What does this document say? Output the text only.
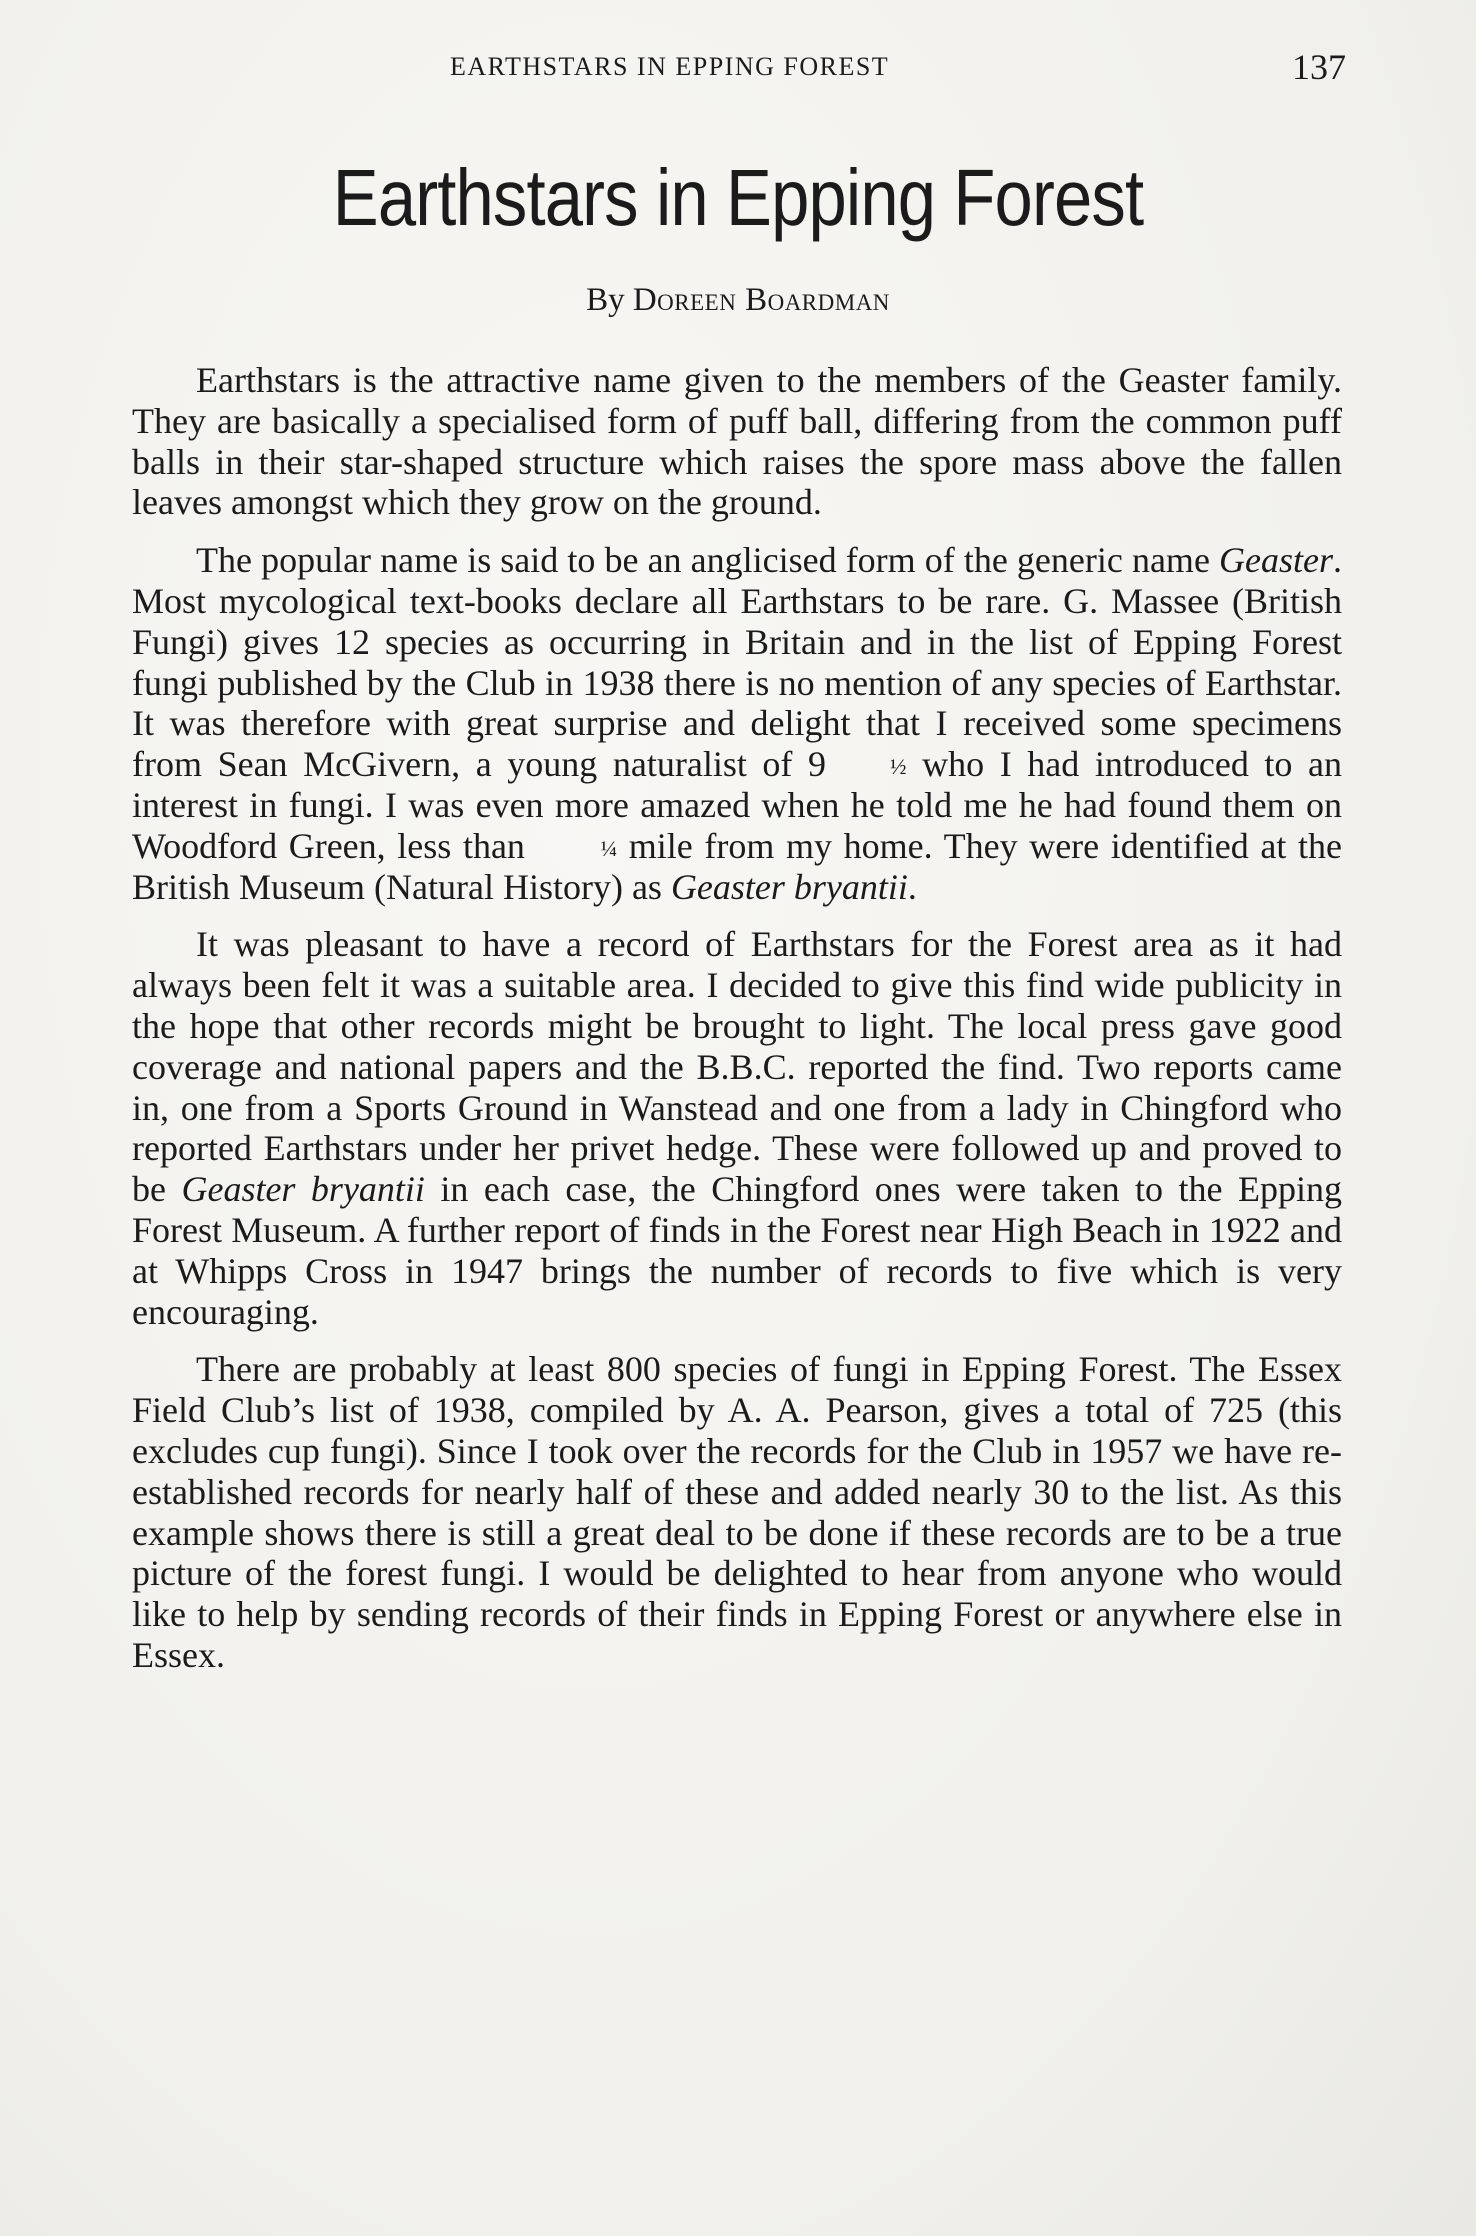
EARTHSTARS IN EPPING FOREST	137
Earthstars in Epping Forest
By Doreen Boardman

Earthstars is the attractive name given to the members of the Geaster family. They are basically a specialised form of puff ball, differing from the common puff balls in their star-shaped structure which raises the spore mass above the fallen leaves amongst which they grow on the ground.

The popular name is said to be an anglicised form of the generic name Geaster. Most mycological text-books declare all Earthstars to be rare. G. Massee (British Fungi) gives 12 species as occurring in Britain and in the list of Epping Forest fungi published by the Club in 1938 there is no mention of any species of Earthstar. It was therefore with great surprise and delight that I received some specimens from Sean McGivern, a young naturalist of 9	½ who I had introduced to an interest in fungi. I was even more amazed when he told me he had found them on Woodford Green, less than	¼ mile from my home. They were identified at the British Museum (Natural History) as Geaster bryantii.

It was pleasant to have a record of Earthstars for the Forest area as it had always been felt it was a suitable area. I decided to give this find wide publicity in the hope that other records might be brought to light. The local press gave good coverage and national papers and the B.B.C. reported the find. Two reports came in, one from a Sports Ground in Wanstead and one from a lady in Chingford who reported Earthstars under her privet hedge. These were followed up and proved to be Geaster bryantii in each case, the Chingford ones were taken to the Epping Forest Museum. A further report of finds in the Forest near High Beach in 1922 and at Whipps Cross in 1947 brings the number of records to five which is very encouraging.

There are probably at least 800 species of fungi in Epping Forest. The Essex Field Club’s list of 1938, compiled by A. A. Pearson, gives a total of 725 (this excludes cup fungi). Since I took over the records for the Club in 1957 we have re-established records for nearly half of these and added nearly 30 to the list. As this example shows there is still a great deal to be done if these records are to be a true picture of the forest fungi. I would be delighted to hear from anyone who would like to help by sending records of their finds in Epping Forest or anywhere else in Essex.
